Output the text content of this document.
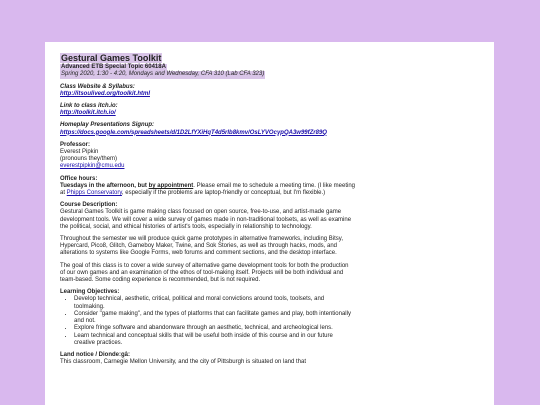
Gestural Games Toolkit
Advanced ETB Special Topic 60418A
Spring 2020, 1:30 - 4:20, Mondays and Wednesday, CFA 310 (Lab CFA 323)
Class Website & Syllabus:
http://itsoulived.org/toolkit.html
Link to class itch.io:
http://toolkit.itch.io/
Homeplay Presentations Signup:
https://docs.google.com/spreadsheets/d/1D2LfYXiHqT4d5rlb8kmv/OsLYVOcypQA3w99fZr89Q
Professor:
Everest Pipkin
(pronouns they/them)
everestpipkin@cmu.edu
Office hours:

Tuesdays in the afternoon, but by appointment. Please email me to schedule a meeting time. (I like meeting at Phipps Conservatory, especially if the problems are laptop-friendly or conceptual, but I'm flexible.)

Course Description:

Gestural Games Toolkit is game making class focused on open source, free-to-use, and artist-made game development tools. We will cover a wide survey of games made in non-traditional toolsets, as well as examine the political, social, and ethical histories of artist's tools, especially in relationship to technology.

Throughout the semester we will produce quick game prototypes in alternative frameworks, including Bitsy, Hypercard, Pico8, Glitch, Gameboy Maker, Twine, and Sok Stories, as well as through hacks, mods, and alterations to systems like Google Forms, web forums and comment sections, and the desktop interface.

The goal of this class is to cover a wide survey of alternative game development tools for both the production of our own games and an examination of the ethos of tool-making itself. Projects will be both individual and team-based. Some coding experience is recommended, but is not required.

Learning Objectives:
• Develop technical, aesthetic, critical, political and moral convictions around tools, toolsets, and toolmaking.
• Consider "game making", and the types of platforms that can facilitate games and play, both intentionally and not.
• Explore fringe software and abandonware through an aesthetic, technical, and archeological lens.
• Learn technical and conceptual skills that will be useful both inside of this course and in our future creative practices.
Land notice / Diondeːgâ:

This classroom, Carnegie Mellon University, and the city of Pittsburgh is situated on land that
